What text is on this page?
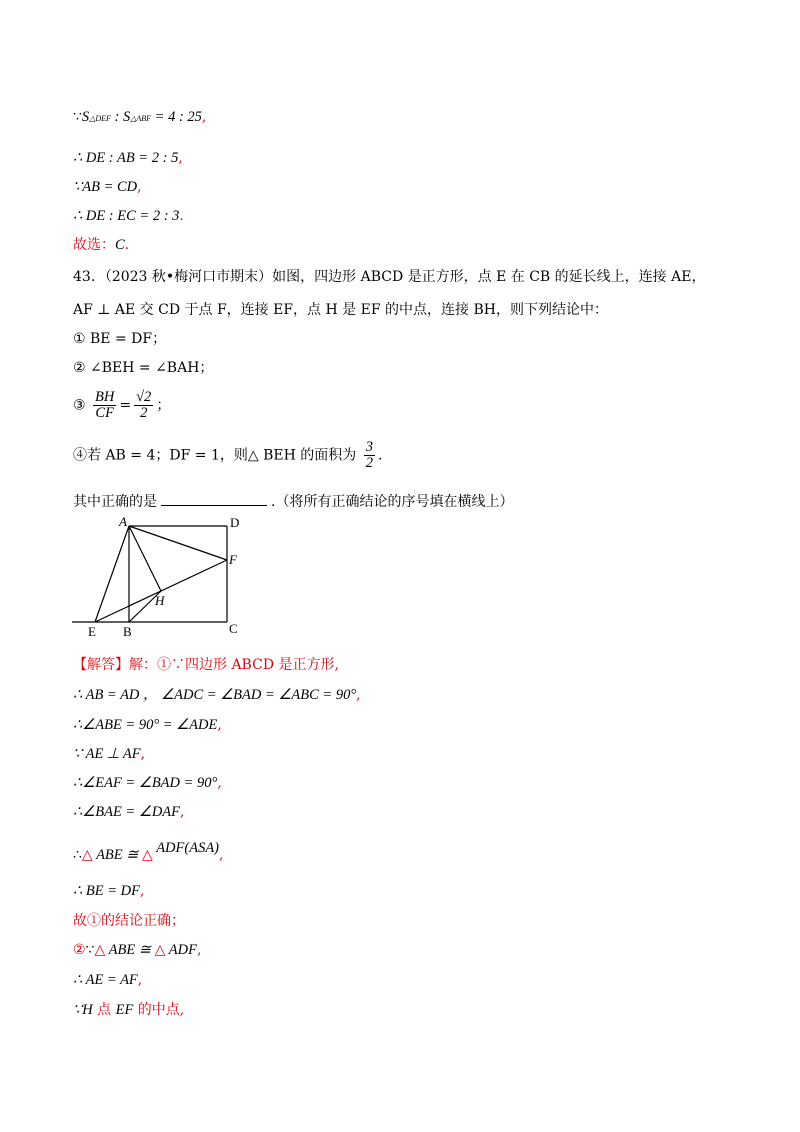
∵S△DEF : S△ABF = 4 : 25,
∴ DE : AB = 2 : 5,
∵AB = CD,
∴ DE : EC = 2 : 3.
故选：C.
43．（2023 秋•梅河口市期末）如图，四边形 ABCD 是正方形，点 E 在 CB 的延长线上，连接 AE，
AF ⊥ AE 交 CD 于点 F，连接 EF，点 H 是 EF 的中点，连接 BH，则下列结论中：
① BE = DF；
② ∠BEH = ∠BAH；
③ $\frac{BH}{CF} = \frac{√2}{2}$ ；
④若 AB = 4；DF = 1，则△ BEH 的面积为 $\frac{3}{2}$ .
其中正确的是	.（将所有正确结论的序号填在横线上）
A	D
F
H
E B	C
【解答】解：①∵四边形 ABCD 是正方形,
∴ AB = AD ， ∠ADC = ∠BAD = ∠ABC = 90°,
∴∠ABE = 90° = ∠ADE,
∵ AE ⊥ AF,
∴∠EAF = ∠BAD = 90°,
∴∠BAE = ∠DAF,
∴△ ABE ≅ △ ADF(ASA),
∴ BE = DF,
故①的结论正确；
②∵△ ABE ≅ △ ADF,
∴ AE = AF,
∵H 点 EF 的中点,
